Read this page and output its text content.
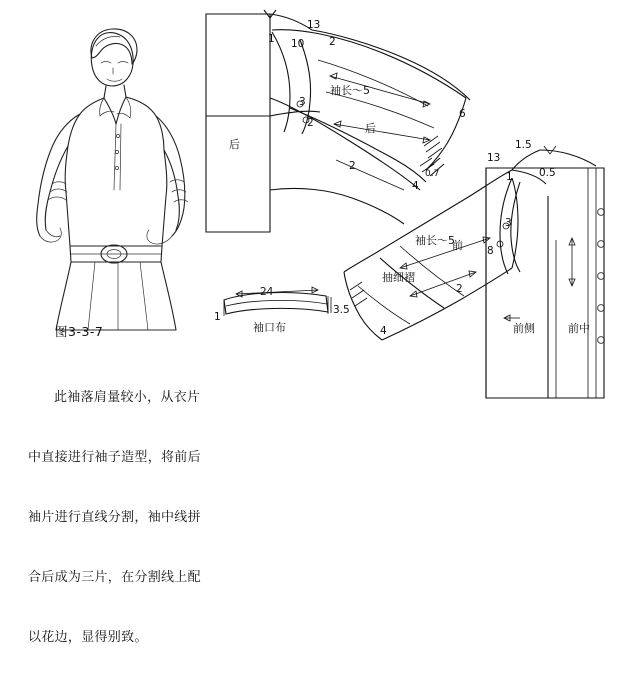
13
1 10 2
3
2
6
2
4
0.7
后
后
袖长～5
1.5
13
0.5
1
3
8
2
4
前
抽细褶
前侧	前中
袖长～5
24
3.5
1
袖口布
图3-3-7

此袖落肩量较小，从衣片

中直接进行袖子造型，将前后

袖片进行直线分割，袖中线拼

合后成为三片，在分割线上配

以花边，显得别致。
